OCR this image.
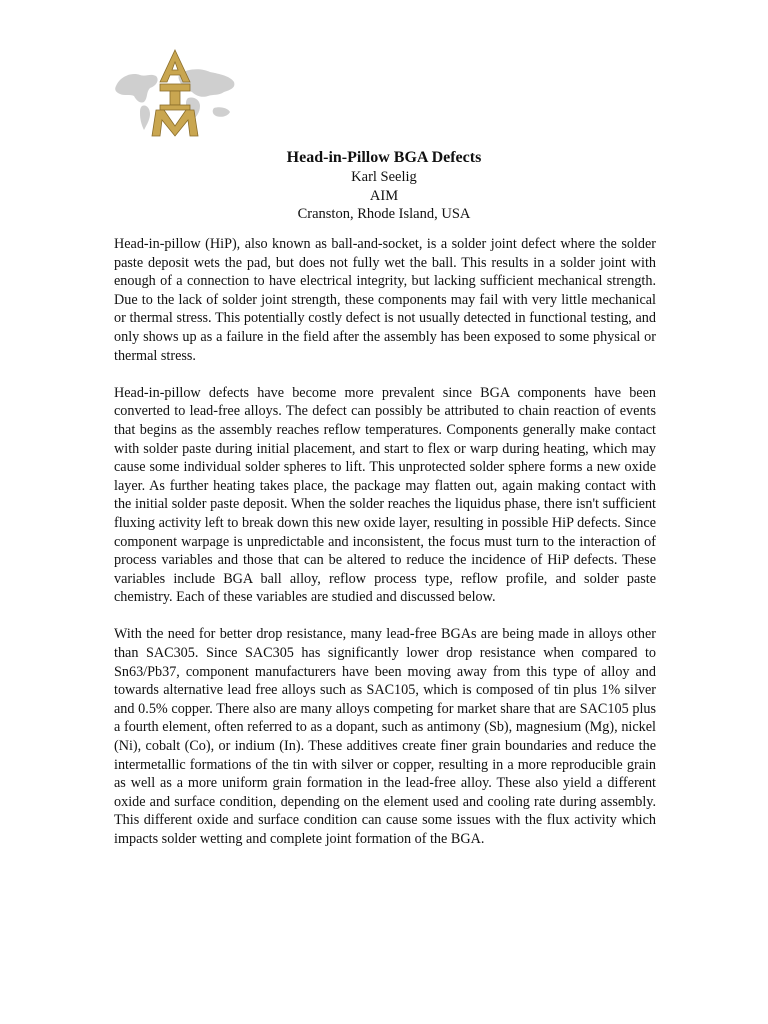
Head-in-Pillow BGA Defects

Karl Seelig

AIM

Cranston, Rhode Island, USA

Head-in-pillow (HiP), also known as ball-and-socket, is a solder joint defect where the solder paste deposit wets the pad, but does not fully wet the ball. This results in a solder joint with enough of a connection to have electrical integrity, but lacking sufficient mechanical strength. Due to the lack of solder joint strength, these components may fail with very little mechanical or thermal stress. This potentially costly defect is not usually detected in functional testing, and only shows up as a failure in the field after the assembly has been exposed to some physical or thermal stress.

Head-in-pillow defects have become more prevalent since BGA components have been converted to lead-free alloys. The defect can possibly be attributed to chain reaction of events that begins as the assembly reaches reflow temperatures. Components generally make contact with solder paste during initial placement, and start to flex or warp during heating, which may cause some individual solder spheres to lift. This unprotected solder sphere forms a new oxide layer. As further heating takes place, the package may flatten out, again making contact with the initial solder paste deposit. When the solder reaches the liquidus phase, there isn't sufficient fluxing activity left to break down this new oxide layer, resulting in possible HiP defects. Since component warpage is unpredictable and inconsistent, the focus must turn to the interaction of process variables and those that can be altered to reduce the incidence of HiP defects. These variables include BGA ball alloy, reflow process type, reflow profile, and solder paste chemistry. Each of these variables are studied and discussed below.

With the need for better drop resistance, many lead-free BGAs are being made in alloys other than SAC305. Since SAC305 has significantly lower drop resistance when compared to Sn63/Pb37, component manufacturers have been moving away from this type of alloy and towards alternative lead free alloys such as SAC105, which is composed of tin plus 1% silver and 0.5% copper. There also are many alloys competing for market share that are SAC105 plus a fourth element, often referred to as a dopant, such as antimony (Sb), magnesium (Mg), nickel (Ni), cobalt (Co), or indium (In). These additives create finer grain boundaries and reduce the intermetallic formations of the tin with silver or copper, resulting in a more reproducible grain as well as a more uniform grain formation in the lead-free alloy. These also yield a different oxide and surface condition, depending on the element used and cooling rate during assembly. This different oxide and surface condition can cause some issues with the flux activity which impacts solder wetting and complete joint formation of the BGA.
